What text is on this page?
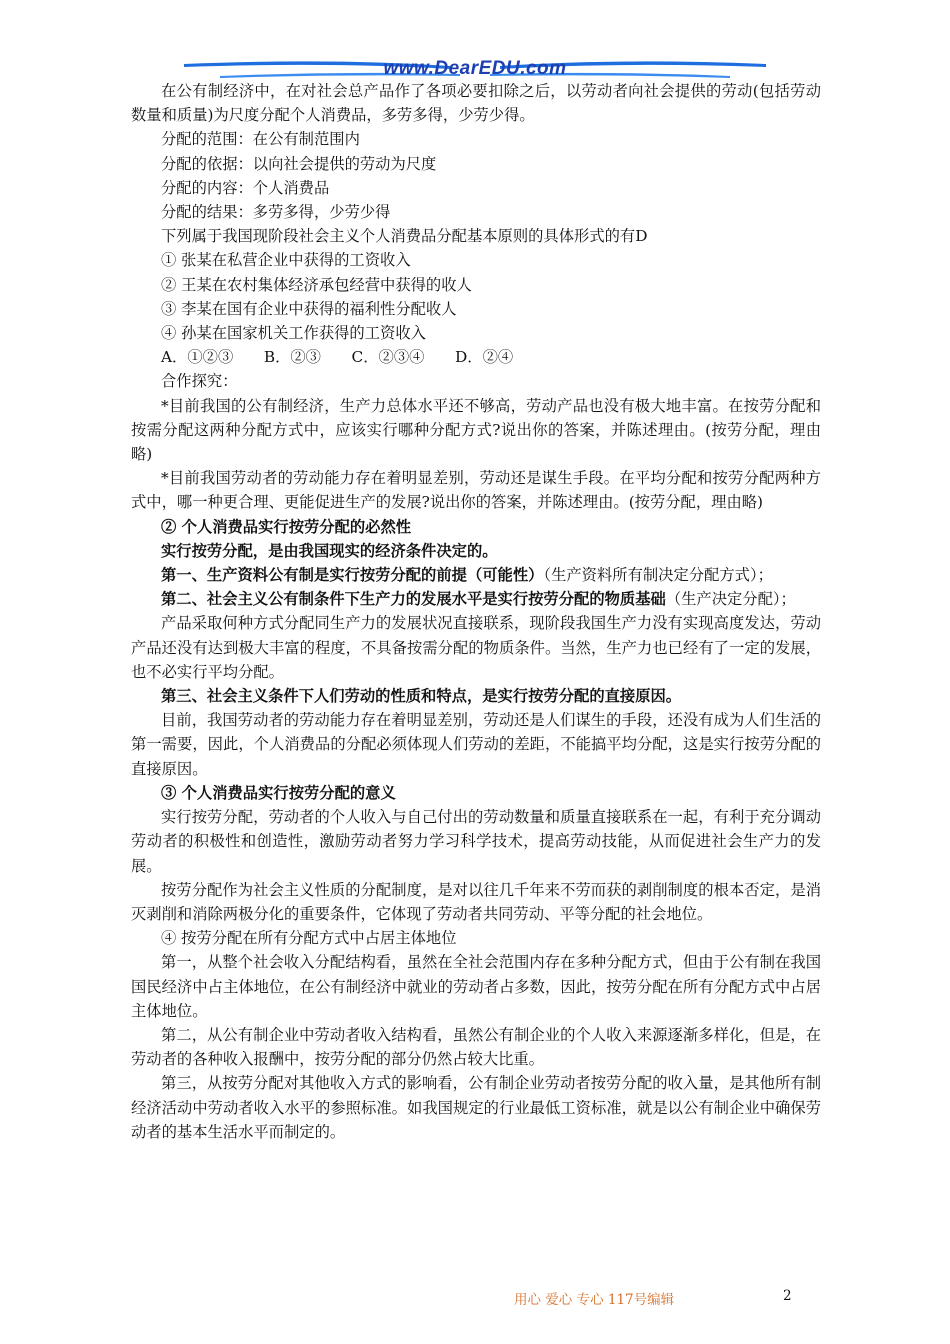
www.DearEDU.com

在公有制经济中，在对社会总产品作了各项必要扣除之后，以劳动者向社会提供的劳动(包括劳动数量和质量)为尺度分配个人消费品，多劳多得，少劳少得。

分配的范围：在公有制范围内

分配的依据：以向社会提供的劳动为尺度

分配的内容：个人消费品

分配的结果：多劳多得，少劳少得

下列属于我国现阶段社会主义个人消费品分配基本原则的具体形式的有D

① 张某在私营企业中获得的工资收入

② 王某在农村集体经济承包经营中获得的收人

③ 李某在国有企业中获得的福利性分配收人

④ 孙某在国家机关工作获得的工资收入

A．①②③　　B．②③　　C．②③④　　D．②④

合作探究：

*目前我国的公有制经济，生产力总体水平还不够高，劳动产品也没有极大地丰富。在按劳分配和按需分配这两种分配方式中，应该实行哪种分配方式?说出你的答案，并陈述理由。(按劳分配，理由略)

*目前我国劳动者的劳动能力存在着明显差别，劳动还是谋生手段。在平均分配和按劳分配两种方式中，哪一种更合理、更能促进生产的发展?说出你的答案，并陈述理由。(按劳分配，理由略)

② 个人消费品实行按劳分配的必然性

实行按劳分配，是由我国现实的经济条件决定的。

第一、生产资料公有制是实行按劳分配的前提（可能性）（生产资料所有制决定分配方式）；

第二、社会主义公有制条件下生产力的发展水平是实行按劳分配的物质基础（生产决定分配）；

产品采取何种方式分配同生产力的发展状况直接联系，现阶段我国生产力没有实现高度发达，劳动产品还没有达到极大丰富的程度，不具备按需分配的物质条件。当然，生产力也已经有了一定的发展，也不必实行平均分配。

第三、社会主义条件下人们劳动的性质和特点，是实行按劳分配的直接原因。

目前，我国劳动者的劳动能力存在着明显差别，劳动还是人们谋生的手段，还没有成为人们生活的第一需要，因此，个人消费品的分配必须体现人们劳动的差距，不能搞平均分配，这是实行按劳分配的直接原因。

③ 个人消费品实行按劳分配的意义

实行按劳分配，劳动者的个人收入与自己付出的劳动数量和质量直接联系在一起，有利于充分调动劳动者的积极性和创造性，激励劳动者努力学习科学技术，提高劳动技能，从而促进社会生产力的发展。

按劳分配作为社会主义性质的分配制度，是对以往几千年来不劳而获的剥削制度的根本否定，是消灭剥削和消除两极分化的重要条件，它体现了劳动者共同劳动、平等分配的社会地位。

④ 按劳分配在所有分配方式中占居主体地位

第一，从整个社会收入分配结构看，虽然在全社会范围内存在多种分配方式，但由于公有制在我国国民经济中占主体地位，在公有制经济中就业的劳动者占多数，因此，按劳分配在所有分配方式中占居主体地位。

第二，从公有制企业中劳动者收入结构看，虽然公有制企业的个人收入来源逐渐多样化，但是，在劳动者的各种收入报酬中，按劳分配的部分仍然占较大比重。

第三，从按劳分配对其他收入方式的影响看，公有制企业劳动者按劳分配的收入量，是其他所有制经济活动中劳动者收入水平的参照标准。如我国规定的行业最低工资标准，就是以公有制企业中确保劳动者的基本生活水平而制定的。

用心 爱心 专心 117号编辑	2
